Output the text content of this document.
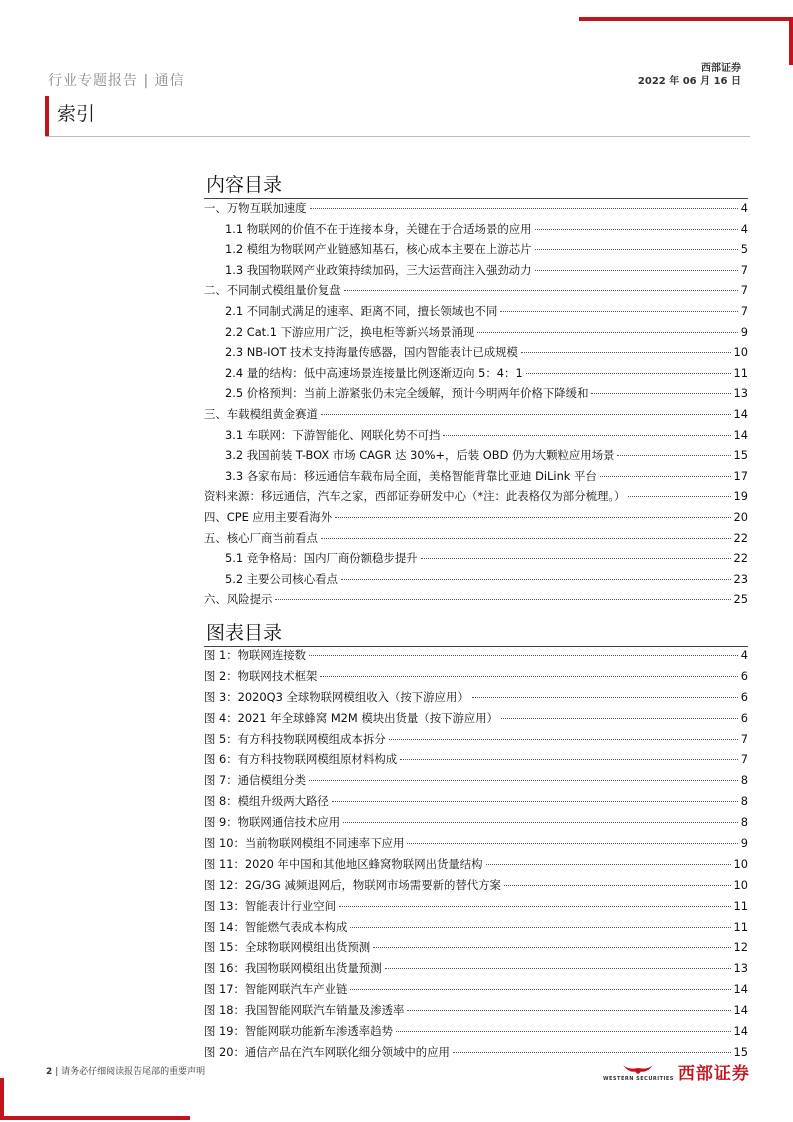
行业专题报告 | 通信
西部证券
2022 年 06 月 16 日
索引
内容目录
一、万物互联加速度	4
1.1 物联网的价值不在于连接本身，关键在于合适场景的应用	4
1.2 模组为物联网产业链感知基石，核心成本主要在上游芯片	5
1.3 我国物联网产业政策持续加码，三大运营商注入强劲动力	7
二、不同制式模组量价复盘	7
2.1 不同制式满足的速率、距离不同，擅长领域也不同	7
2.2 Cat.1 下游应用广泛，换电柜等新兴场景涌现	9
2.3 NB-IOT 技术支持海量传感器，国内智能表计已成规模	10
2.4 量的结构：低中高速场景连接量比例逐渐迈向 5：4：1	11
2.5 价格预判：当前上游紧张仍未完全缓解，预计今明两年价格下降缓和	13
三、车载模组黄金赛道	14
3.1 车联网：下游智能化、网联化势不可挡	14
3.2 我国前装 T-BOX 市场 CAGR 达 30%+，后装 OBD 仍为大颗粒应用场景	15
3.3 各家布局：移远通信车载布局全面，美格智能背靠比亚迪 DiLink 平台	17
资料来源：移远通信，汽车之家，西部证券研发中心（*注：此表格仅为部分梳理。）	19
四、CPE 应用主要看海外	20
五、核心厂商当前看点	22
5.1 竞争格局：国内厂商份额稳步提升	22
5.2 主要公司核心看点	23
六、风险提示	25
图表目录
图 1：物联网连接数	4
图 2：物联网技术框架	6
图 3：2020Q3 全球物联网模组收入（按下游应用）	6
图 4：2021 年全球蜂窝 M2M 模块出货量（按下游应用）	6
图 5：有方科技物联网模组成本拆分	7
图 6：有方科技物联网模组原材料构成	7
图 7：通信模组分类	8
图 8：模组升级两大路径	8
图 9：物联网通信技术应用	8
图 10：当前物联网模组不同速率下应用	9
图 11：2020 年中国和其他地区蜂窝物联网出货量结构	10
图 12：2G/3G 减频退网后，物联网市场需要新的替代方案	10
图 13：智能表计行业空间	11
图 14：智能燃气表成本构成	11
图 15：全球物联网模组出货预测	12
图 16：我国物联网模组出货量预测	13
图 17：智能网联汽车产业链	14
图 18：我国智能网联汽车销量及渗透率	14
图 19：智能网联功能新车渗透率趋势	14
图 20：通信产品在汽车网联化细分领域中的应用	15
2 | 请务必仔细阅读报告尾部的重要声明
WESTERN SECURITIES 西部证券
